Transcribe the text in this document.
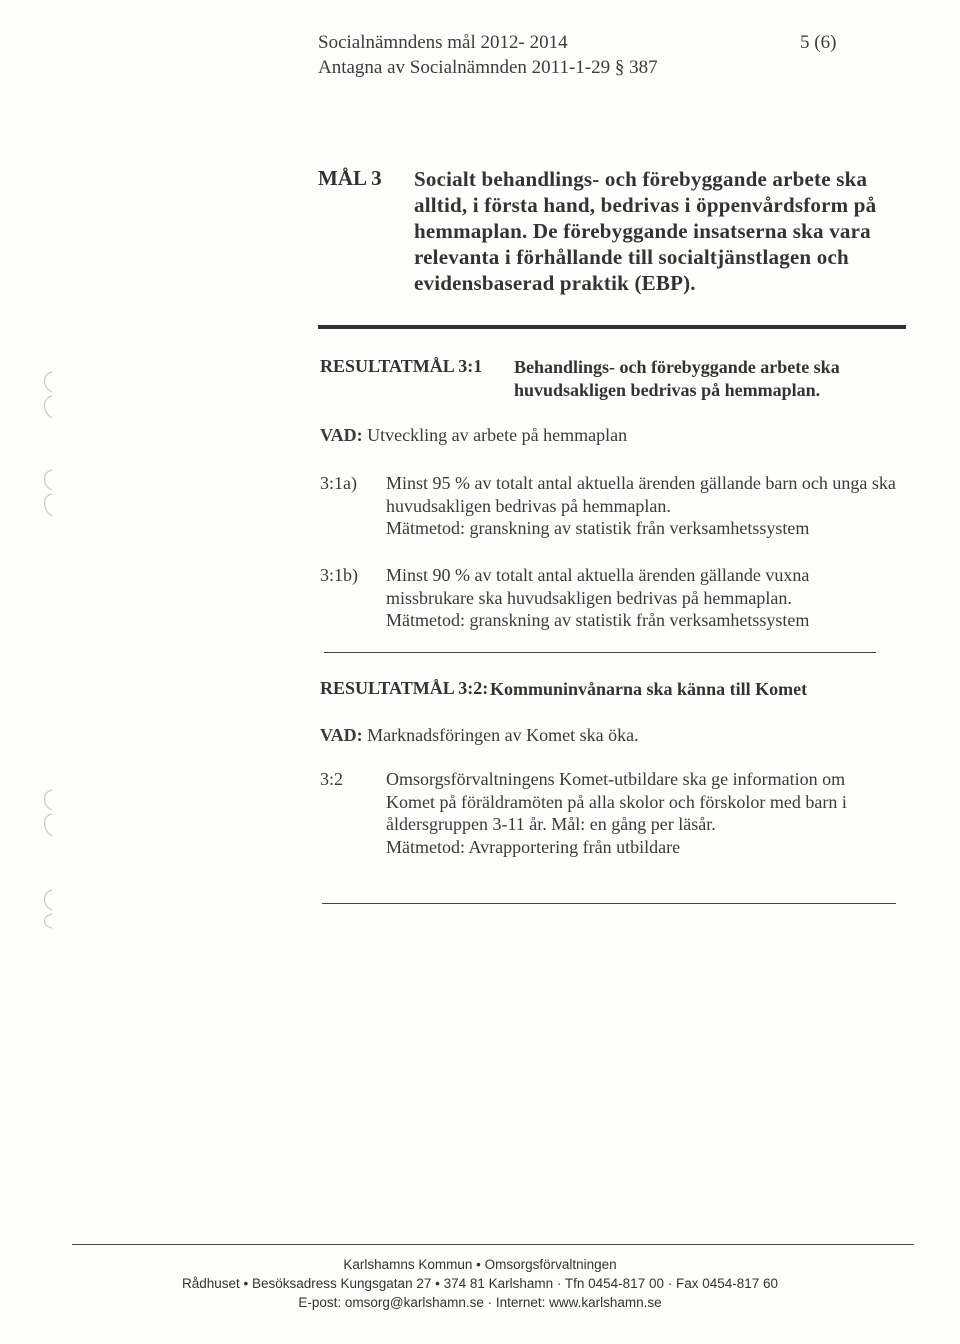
Socialnämndens mål 2012- 2014
Antagna av Socialnämnden 2011-1-29 § 387
5 (6)
MÅL 3 Socialt behandlings- och förebyggande arbete ska alltid, i första hand, bedrivas i öppenvårdsform på hemmaplan. De förebyggande insatserna ska vara relevanta i förhållande till socialtjänstlagen och evidensbaserad praktik (EBP).
RESULTATMÅL 3:1 Behandlings- och förebyggande arbete ska huvudsakligen bedrivas på hemmaplan.
VAD: Utveckling av arbete på hemmaplan
3:1a) Minst 95 % av totalt antal aktuella ärenden gällande barn och unga ska huvudsakligen bedrivas på hemmaplan.
Mätmetod: granskning av statistik från verksamhetssystem
3:1b) Minst 90 % av totalt antal aktuella ärenden gällande vuxna missbrukare ska huvudsakligen bedrivas på hemmaplan.
Mätmetod: granskning av statistik från verksamhetssystem
RESULTATMÅL 3:2: Kommuninvånarna ska känna till Komet
VAD: Marknadsföringen av Komet ska öka.
3:2 Omsorgsförvaltningens Komet-utbildare ska ge information om Komet på föräldramöten på alla skolor och förskolor med barn i åldersgruppen 3-11 år. Mål: en gång per läsår.
Mätmetod: Avrapportering från utbildare
Karlshamns Kommun • Omsorgsförvaltningen
Rådhuset • Besöksadress Kungsgatan 27 • 374 81 Karlshamn · Tfn 0454-817 00 · Fax 0454-817 60
E-post: omsorg@karlshamn.se · Internet: www.karlshamn.se
